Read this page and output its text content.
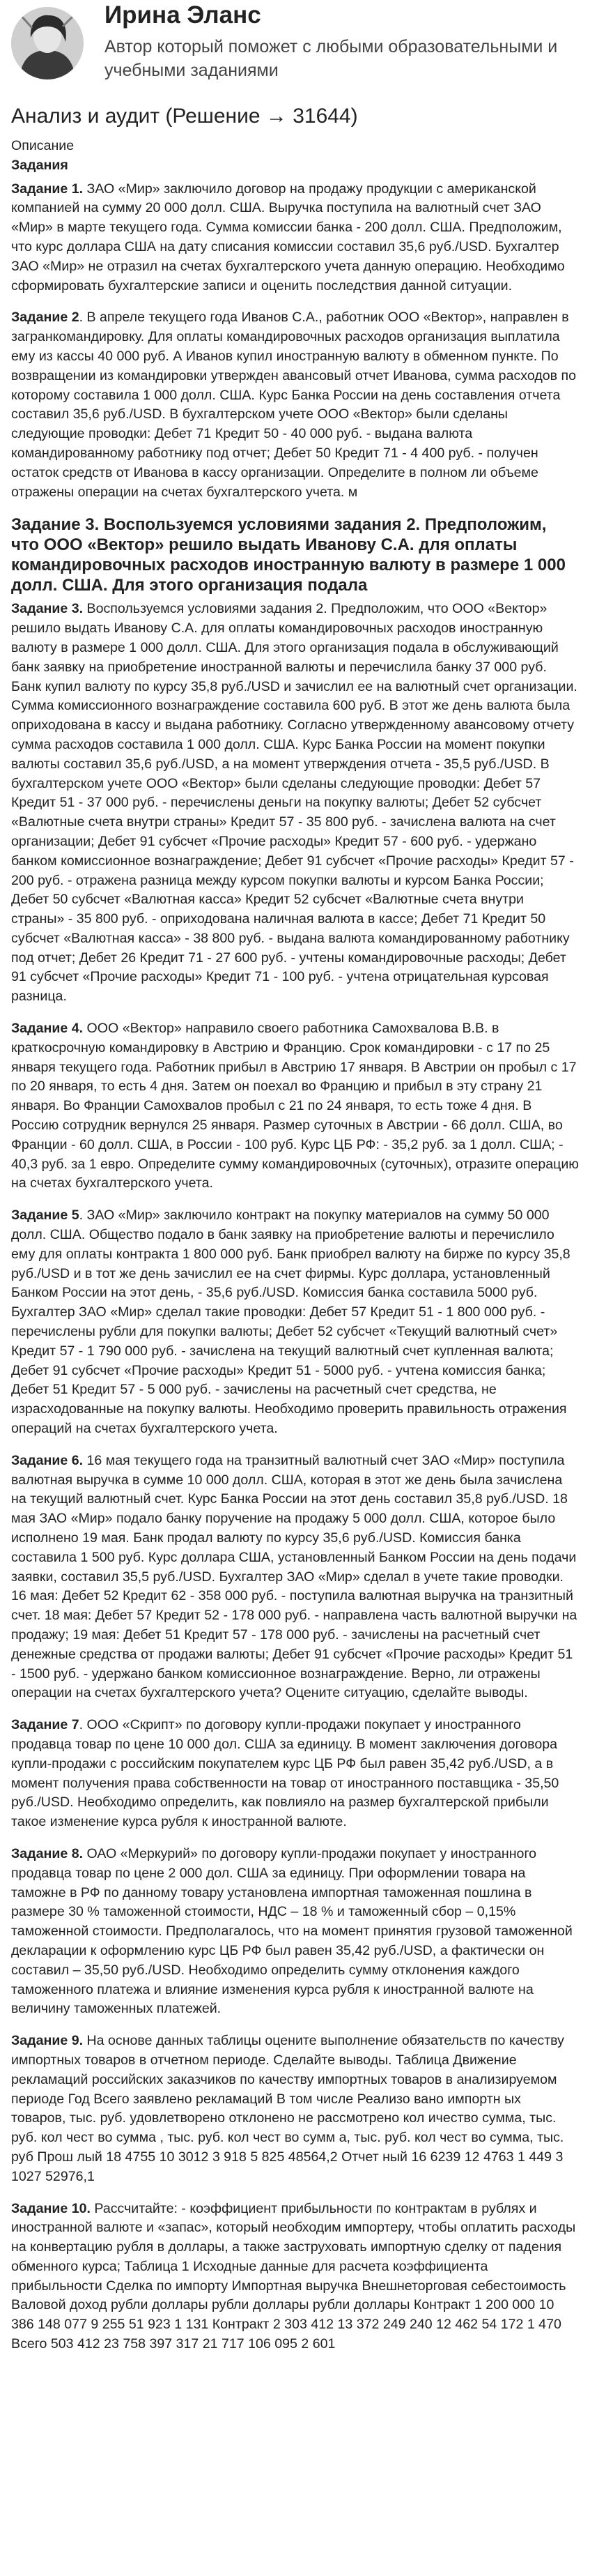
Ирина Эланс
Автор который поможет с любыми образовательными и учебными заданиями
Анализ и аудит (Решение → 31644)

Описание

Задания

Задание 1. ЗАО «Мир» заключило договор на продажу продукции с американской компанией на сумму 20 000 долл. США. Выручка поступила на валютный счет ЗАО «Мир» в марте текущего года. Сумма комиссии банка - 200 долл. США. Предположим, что курс доллара США на дату списания комиссии составил 35,6 руб./USD. Бухгалтер ЗАО «Мир» не отразил на счетах бухгалтерского учета данную операцию. Необходимо сформировать бухгалтерские записи и оценить последствия данной ситуации.

Задание 2. В апреле текущего года Иванов С.А., работник ООО «Вектор», направлен в загранкомандировку. Для оплаты командировочных расходов организация выплатила ему из кассы 40 000 руб. А Иванов купил иностранную валюту в обменном пункте. По возвращении из командировки утвержден авансовый отчет Иванова, сумма расходов по которому составила 1 000 долл. США. Курс Банка России на день составления отчета составил 35,6 руб./USD. В бухгалтерском учете ООО «Вектор» были сделаны следующие проводки: Дебет 71 Кредит 50 - 40 000 руб. - выдана валюта командированному работнику под отчет; Дебет 50 Кредит 71 - 4 400 руб. - получен остаток средств от Иванова в кассу организации. Определите в полном ли объеме отражены операции на счетах бухгалтерского учета. м

Задание 3. Воспользуемся условиями задания 2. Предположим, что ООО «Вектор» решило выдать Иванову С.А. для оплаты командировочных расходов иностранную валюту в размере 1 000 долл. США. Для этого организация подала

Задание 3. Воспользуемся условиями задания 2. Предположим, что ООО «Вектор» решило выдать Иванову С.А. для оплаты командировочных расходов иностранную валюту в размере 1 000 долл. США. Для этого организация подала в обслуживающий банк заявку на приобретение иностранной валюты и перечислила банку 37 000 руб. Банк купил валюту по курсу 35,8 руб./USD и зачислил ее на валютный счет организации. Сумма комиссионного вознаграждение составила 600 руб. В этот же день валюта была оприходована в кассу и выдана работнику. Согласно утвержденному авансовому отчету сумма расходов составила 1 000 долл. США. Курс Банка России на момент покупки валюты составил 35,6 руб./USD, а на момент утверждения отчета - 35,5 руб./USD. В бухгалтерском учете ООО «Вектор» были сделаны следующие проводки: Дебет 57 Кредит 51 - 37 000 руб. - перечислены деньги на покупку валюты; Дебет 52 субсчет «Валютные счета внутри страны» Кредит 57 - 35 800 руб. - зачислена валюта на счет организации; Дебет 91 субсчет «Прочие расходы» Кредит 57 - 600 руб. - удержано банком комиссионное вознаграждение; Дебет 91 субсчет «Прочие расходы» Кредит 57 - 200 руб. - отражена разница между курсом покупки валюты и курсом Банка России; Дебет 50 субсчет «Валютная касса» Кредит 52 субсчет «Валютные счета внутри страны» - 35 800 руб. - оприходована наличная валюта в кассе; Дебет 71 Кредит 50 субсчет «Валютная касса» - 38 800 руб. - выдана валюта командированному работнику под отчет; Дебет 26 Кредит 71 - 27 600 руб. - учтены командировочные расходы; Дебет 91 субсчет «Прочие расходы» Кредит 71 - 100 руб. - учтена отрицательная курсовая разница.

Задание 4. ООО «Вектор» направило своего работника Самохвалова В.В. в краткосрочную командировку в Австрию и Францию. Срок командировки - с 17 по 25 января текущего года. Работник прибыл в Австрию 17 января. В Австрии он пробыл с 17 по 20 января, то есть 4 дня. Затем он поехал во Францию и прибыл в эту страну 21 января. Во Франции Самохвалов пробыл с 21 по 24 января, то есть тоже 4 дня. В Россию сотрудник вернулся 25 января. Размер суточных в Австрии - 66 долл. США, во Франции - 60 долл. США, в России - 100 руб. Курс ЦБ РФ: - 35,2 руб. за 1 долл. США; - 40,3 руб. за 1 евро. Определите сумму командировочных (суточных), отразите операцию на счетах бухгалтерского учета.

Задание 5. ЗАО «Мир» заключило контракт на покупку материалов на сумму 50 000 долл. США. Общество подало в банк заявку на приобретение валюты и перечислило ему для оплаты контракта 1 800 000 руб. Банк приобрел валюту на бирже по курсу 35,8 руб./USD и в тот же день зачислил ее на счет фирмы. Курс доллара, установленный Банком России на этот день, - 35,6 руб./USD. Комиссия банка составила 5000 руб. Бухгалтер ЗАО «Мир» сделал такие проводки: Дебет 57 Кредит 51 - 1 800 000 руб. - перечислены рубли для покупки валюты; Дебет 52 субсчет «Текущий валютный счет» Кредит 57 - 1 790 000 руб. - зачислена на текущий валютный счет купленная валюта; Дебет 91 субсчет «Прочие расходы» Кредит 51 - 5000 руб. - учтена комиссия банка; Дебет 51 Кредит 57 - 5 000 руб. - зачислены на расчетный счет средства, не израсходованные на покупку валюты. Необходимо проверить правильность отражения операций на счетах бухгалтерского учета.

Задание 6. 16 мая текущего года на транзитный валютный счет ЗАО «Мир» поступила валютная выручка в сумме 10 000 долл. США, которая в этот же день была зачислена на текущий валютный счет. Курс Банка России на этот день составил 35,8 руб./USD. 18 мая ЗАО «Мир» подало банку поручение на продажу 5 000 долл. США, которое было исполнено 19 мая. Банк продал валюту по курсу 35,6 руб./USD. Комиссия банка составила 1 500 руб. Курс доллара США, установленный Банком России на день подачи заявки, составил 35,5 руб./USD. Бухгалтер ЗАО «Мир» сделал в учете такие проводки. 16 мая: Дебет 52 Кредит 62 - 358 000 руб. - поступила валютная выручка на транзитный счет. 18 мая: Дебет 57 Кредит 52 - 178 000 руб. - направлена часть валютной выручки на продажу; 19 мая: Дебет 51 Кредит 57 - 178 000 руб. - зачислены на расчетный счет денежные средства от продажи валюты; Дебет 91 субсчет «Прочие расходы» Кредит 51 - 1500 руб. - удержано банком комиссионное вознаграждение. Верно, ли отражены операции на счетах бухгалтерского учета? Оцените ситуацию, сделайте выводы.

Задание 7. ООО «Скрипт» по договору купли-продажи покупает у иностранного продавца товар по цене 10 000 дол. США за единицу. В момент заключения договора купли-продажи с российским покупателем курс ЦБ РФ был равен 35,42 руб./USD, а в момент получения права собственности на товар от иностранного поставщика - 35,50 руб./USD. Необходимо определить, как повлияло на размер бухгалтерской прибыли такое изменение курса рубля к иностранной валюте.

Задание 8. ОАО «Меркурий» по договору купли-продажи покупает у иностранного продавца товар по цене 2 000 дол. США за единицу. При оформлении товара на таможне в РФ по данному товару установлена импортная таможенная пошлина в размере 30 % таможенной стоимости, НДС – 18 % и таможенный сбор – 0,15% таможенной стоимости. Предполагалось, что на момент принятия грузовой таможенной декларации к оформлению курс ЦБ РФ был равен 35,42 руб./USD, а фактически он составил – 35,50 руб./USD. Необходимо определить сумму отклонения каждого таможенного платежа и влияние изменения курса рубля к иностранной валюте на величину таможенных платежей.

Задание 9. На основе данных таблицы оцените выполнение обязательств по качеству импортных товаров в отчетном периоде. Сделайте выводы. Таблица Движение рекламаций российских заказчиков по качеству импортных товаров в анализируемом периоде Год Всего заявлено рекламаций В том числе Реализо вано импортн ых товаров, тыс. руб. удовлетворено отклонено не рассмотрено кол ичество сумма, тыс. руб. кол чест во сумма , тыс. руб. кол чест во сумм а, тыс. руб. кол чест во сумма, тыс. руб Прош лый 18 4755 10 3012 3 918 5 825 48564,2 Отчет ный 16 6239 12 4763 1 449 3 1027 52976,1

Задание 10. Рассчитайте: - коэффициент прибыльности по контрактам в рублях и иностранной валюте и «запас», который необходим импортеру, чтобы оплатить расходы на конвертацию рубля в доллары, а также заструховать импортную сделку от падения обменного курса; Таблица 1 Исходные данные для расчета коэффициента прибыльности Сделка по импорту Импортная выручка Внешнеторговая себестоимость Валовой доход рубли доллары рубли доллары рубли доллары Контракт 1 200 000 10 386 148 077 9 255 51 923 1 131 Контракт 2 303 412 13 372 249 240 12 462 54 172 1 470 Всего 503 412 23 758 397 317 21 717 106 095 2 601
